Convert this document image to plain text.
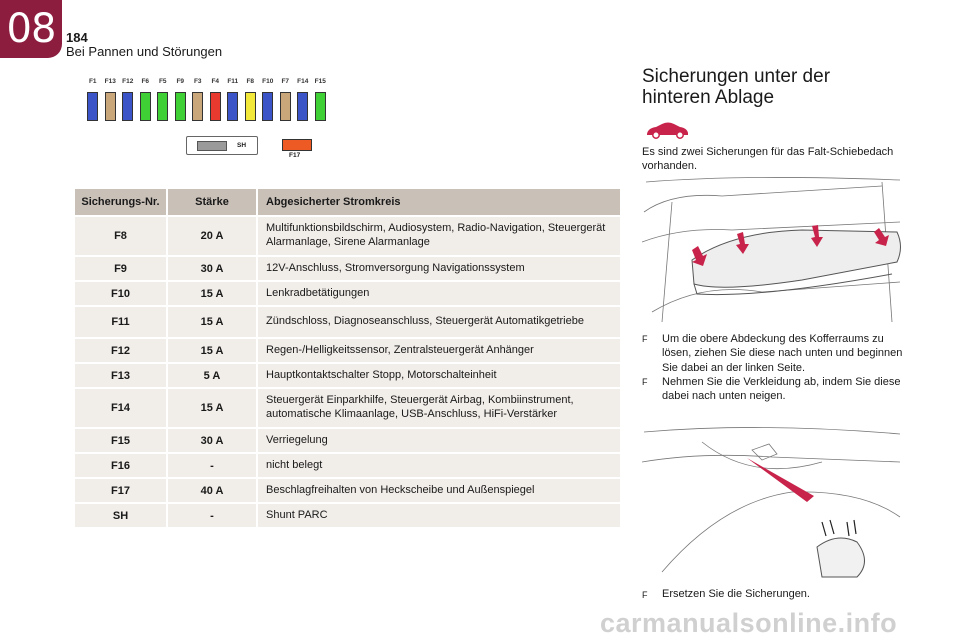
08 184
Bei Pannen und Störungen
F1	F13 F12	F6	F5	F9	F3	F4	F11	F8	F10	F7	F14 F15
SH
F17
Sicherungs-Nr.	Stärke	Abgesicherter Stromkreis
F8	20 A	Multifunktionsbildschirm, Audiosystem, Radio-Navigation, Steuergerät Alarmanlage, Sirene Alarmanlage
F9	30 A	12V-Anschluss, Stromversorgung Navigationssystem
F10	15 A	Lenkradbetätigungen
F11	15 A	Zündschloss, Diagnoseanschluss, Steuergerät Automatikgetriebe
F12	15 A	Regen-/Helligkeitssensor, Zentralsteuergerät Anhänger
F13	5 A	Hauptkontaktschalter Stopp, Motorschalteinheit
F14	15 A	Steuergerät Einparkhilfe, Steuergerät Airbag, Kombiinstrument, automatische Klimaanlage, USB-Anschluss, HiFi-Verstärker
F15	30 A	Verriegelung
F16	-	nicht belegt
F17	40 A	Beschlagfreihalten von Heckscheibe und Außenspiegel
SH	-	Shunt PARC
Sicherungen unter der hinteren Ablage
Es sind zwei Sicherungen für das Falt-Schiebedach vorhanden.
F	Um die obere Abdeckung des Kofferraums zu lösen, ziehen Sie diese nach unten und beginnen Sie dabei an der linken Seite.
F	Nehmen Sie die Verkleidung ab, indem Sie diese dabei nach unten neigen.
F	Ersetzen Sie die Sicherungen.
carmanualsonline.info
